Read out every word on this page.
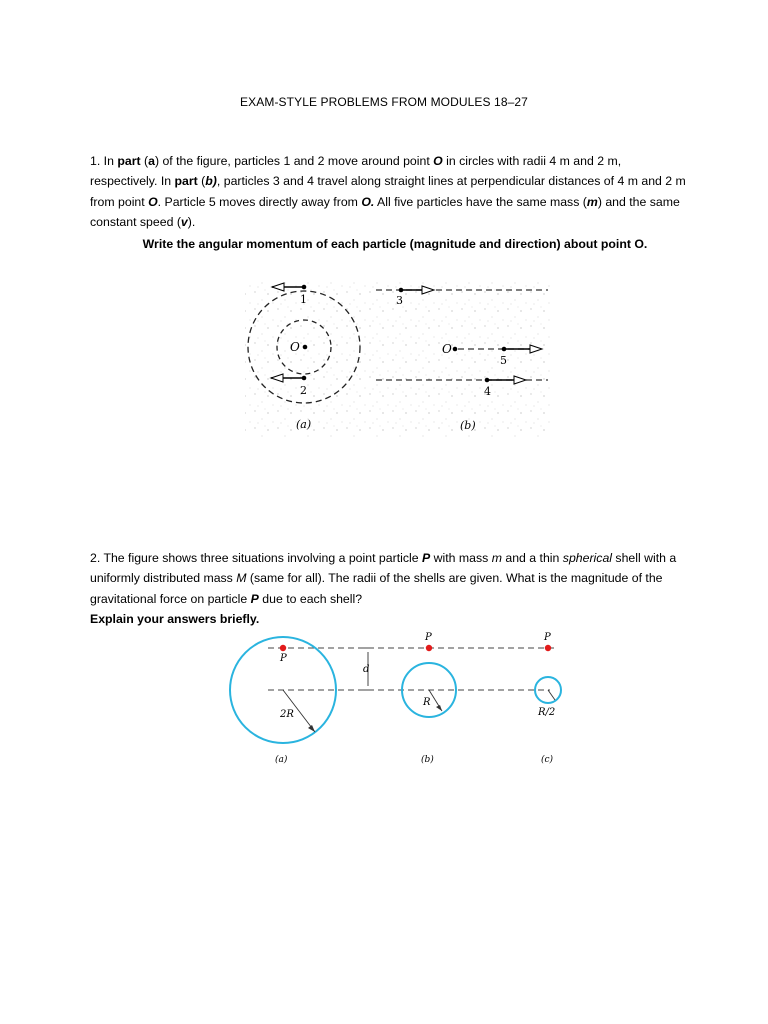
EXAM-STYLE PROBLEMS FROM MODULES 18–27
1. In part (a) of the figure, particles 1 and 2 move around point O in circles with radii 4 m and 2 m, respectively. In part (b), particles 3 and 4 travel along straight lines at perpendicular distances of 4 m and 2 m from point O. Particle 5 moves directly away from O. All five particles have the same mass (m) and the same constant speed (v).
Write the angular momentum of each particle (magnitude and direction) about point O.
O
1
2
(a)
3
O
5
4
(b)
2. The figure shows three situations involving a point particle P with mass m and a thin spherical shell with a uniformly distributed mass M (same for all). The radii of the shells are given. What is the magnitude of the gravitational force on particle P due to each shell?
Explain your answers briefly.
d
2R
P
(a)
R
P
(b)
R/2
P
(c)
